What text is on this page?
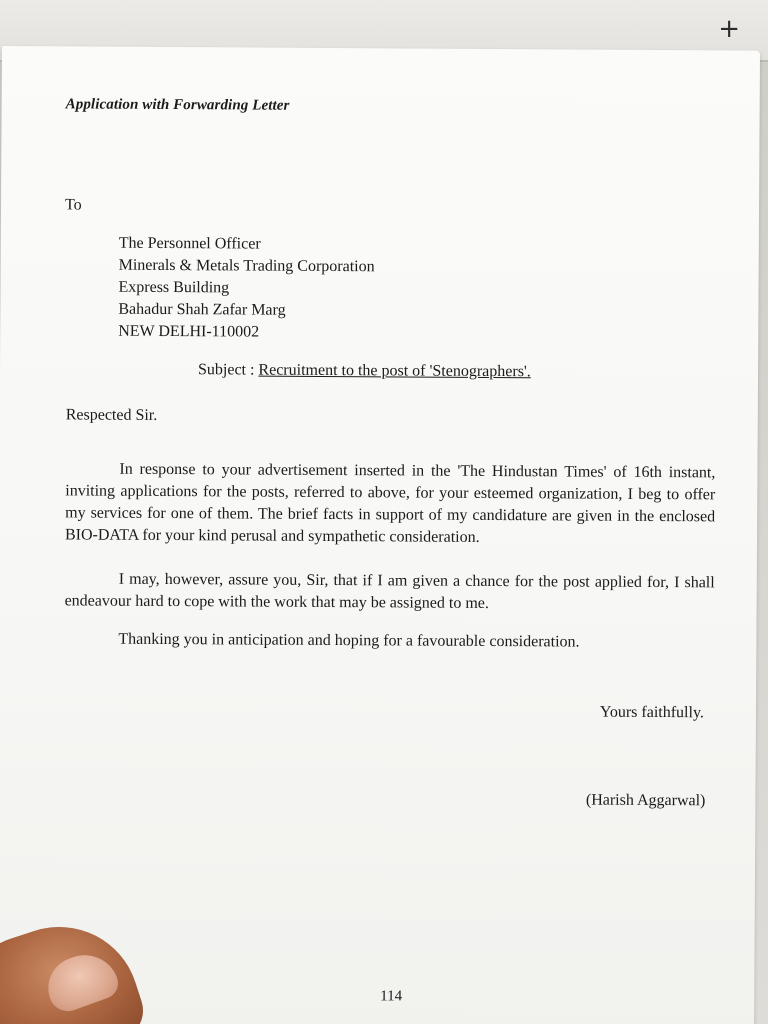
+
Application with Forwarding Letter
To
The Personnel Officer
Minerals & Metals Trading Corporation
Express Building
Bahadur Shah Zafar Marg
NEW DELHI-110002
Subject : Recruitment to the post of 'Stenographers'.
Respected Sir.

In response to your advertisement inserted in the 'The Hindustan Times' of 16th instant, inviting applications for the posts, referred to above, for your esteemed organization, I beg to offer my services for one of them. The brief facts in support of my candidature are given in the enclosed BIO-DATA for your kind perusal and sympathetic consideration.

I may, however, assure you, Sir, that if I am given a chance for the post applied for, I shall endeavour hard to cope with the work that may be assigned to me.

Thanking you in anticipation and hoping for a favourable consideration.

Yours faithfully.
(Harish Aggarwal)
114
